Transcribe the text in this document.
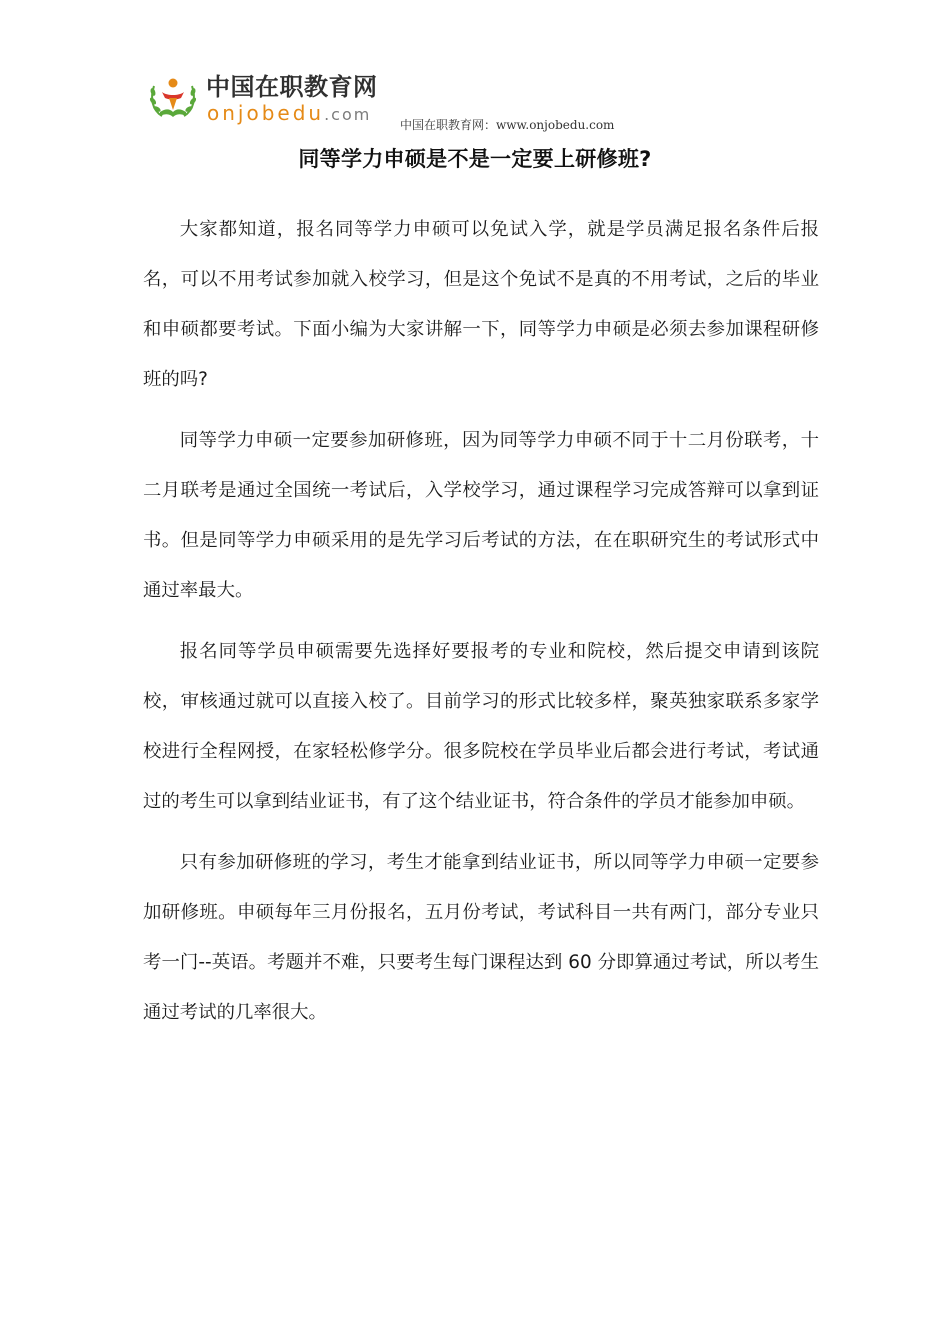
中国在职教育网
onjobedu.com
中国在职教育网：www.onjobedu.com
同等学力申硕是不是一定要上研修班?

大家都知道，报名同等学力申硕可以免试入学，就是学员满足报名条件后报名，可以不用考试参加就入校学习，但是这个免试不是真的不用考试，之后的毕业和申硕都要考试。下面小编为大家讲解一下，同等学力申硕是必须去参加课程研修班的吗?

同等学力申硕一定要参加研修班，因为同等学力申硕不同于十二月份联考，十二月联考是通过全国统一考试后，入学校学习，通过课程学习完成答辩可以拿到证书。但是同等学力申硕采用的是先学习后考试的方法，在在职研究生的考试形式中通过率最大。

报名同等学员申硕需要先选择好要报考的专业和院校，然后提交申请到该院校，审核通过就可以直接入校了。目前学习的形式比较多样，聚英独家联系多家学校进行全程网授，在家轻松修学分。很多院校在学员毕业后都会进行考试，考试通过的考生可以拿到结业证书，有了这个结业证书，符合条件的学员才能参加申硕。

只有参加研修班的学习，考生才能拿到结业证书，所以同等学力申硕一定要参加研修班。申硕每年三月份报名，五月份考试，考试科目一共有两门，部分专业只考一门--英语。考题并不难，只要考生每门课程达到 60 分即算通过考试，所以考生通过考试的几率很大。
